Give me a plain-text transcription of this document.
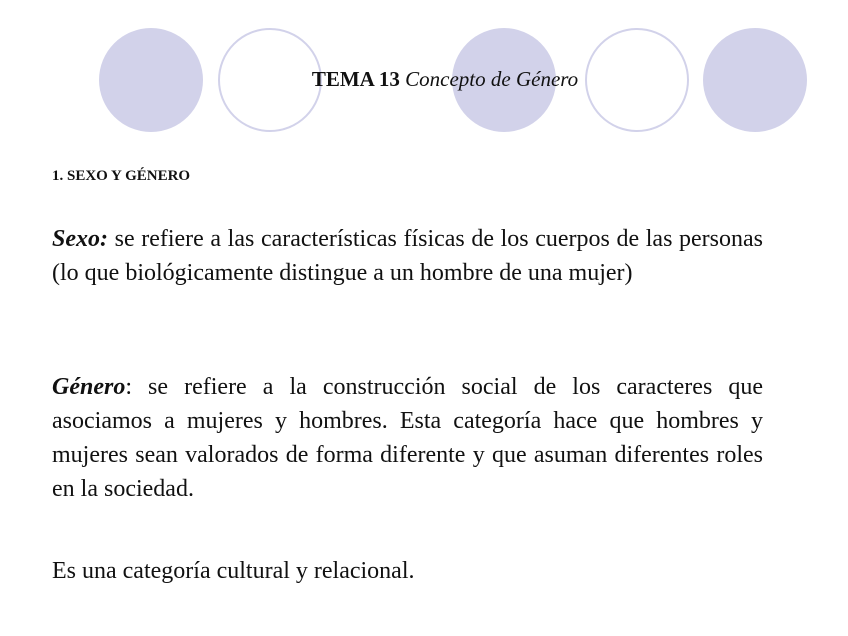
TEMA 13 Concepto de Género
1. SEXO Y GÉNERO

Sexo: se refiere a las características físicas de los cuerpos de las personas (lo que biológicamente distingue a un hombre de una mujer)

Género: se refiere a la construcción social de los caracteres que asociamos a mujeres y hombres. Esta categoría hace que hombres y mujeres sean valorados de forma diferente y que asuman diferentes roles en la sociedad.

Es una categoría cultural y relacional.
